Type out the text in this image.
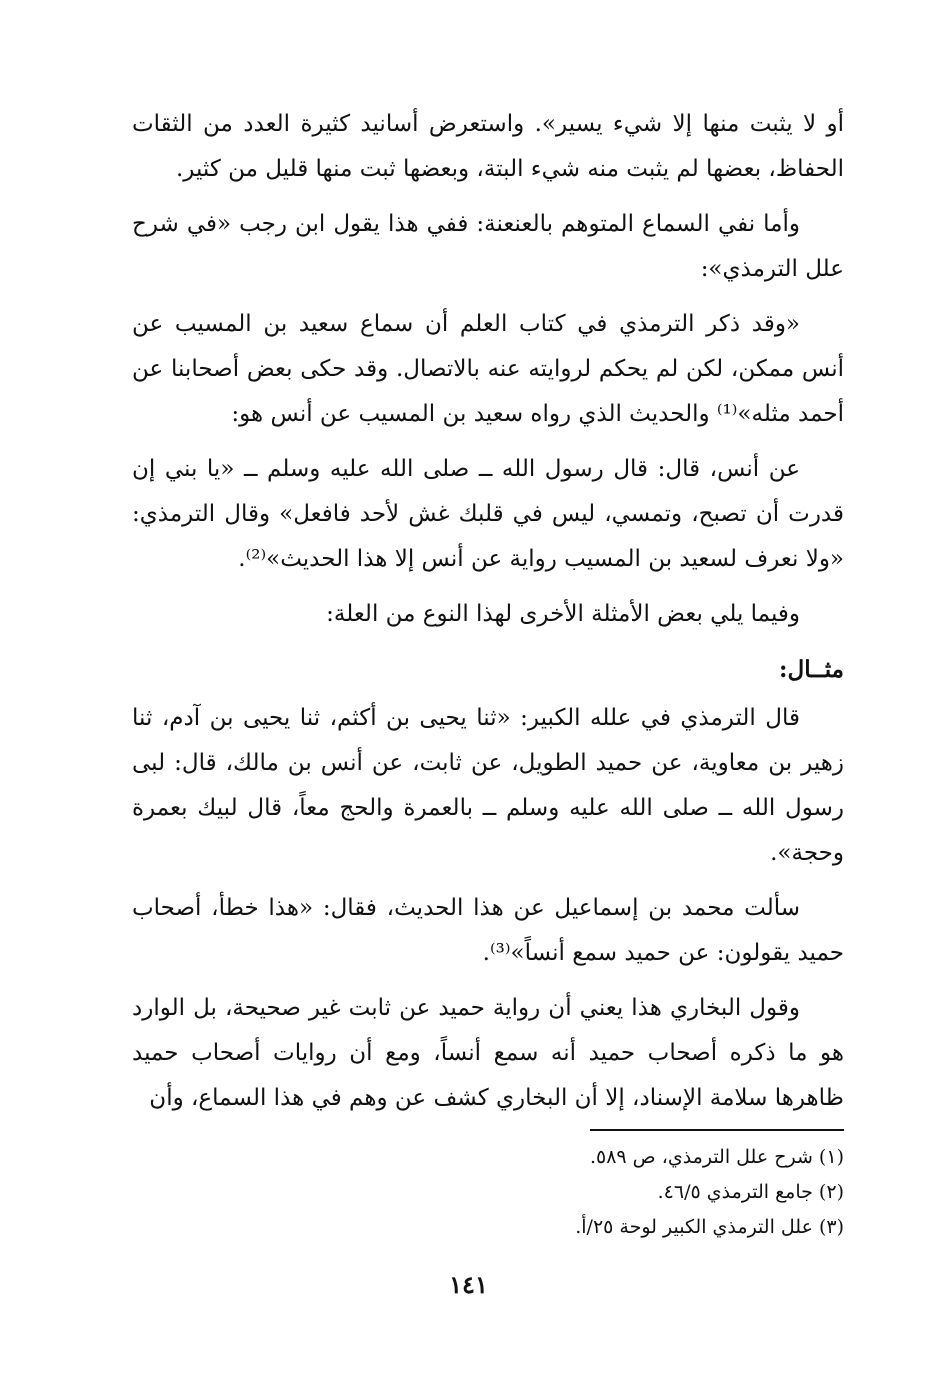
أو لا يثبت منها إلا شيء يسير». واستعرض أسانيد كثيرة العدد من الثقات الحفاظ، بعضها لم يثبت منه شيء البتة، وبعضها ثبت منها قليل من كثير.

وأما نفي السماع المتوهم بالعنعنة: ففي هذا يقول ابن رجب «في شرح علل الترمذي»:

«وقد ذكر الترمذي في كتاب العلم أن سماع سعيد بن المسيب عن أنس ممكن، لكن لم يحكم لروايته عنه بالاتصال. وقد حكى بعض أصحابنا عن أحمد مثله»⁽¹⁾ والحديث الذي رواه سعيد بن المسيب عن أنس هو:

عن أنس، قال: قال رسول الله ــ صلى الله عليه وسلم ــ «يا بني إن قدرت أن تصبح، وتمسي، ليس في قلبك غش لأحد فافعل» وقال الترمذي: «ولا نعرف لسعيد بن المسيب رواية عن أنس إلا هذا الحديث»⁽²⁾.

وفيما يلي بعض الأمثلة الأخرى لهذا النوع من العلة:

مثــال:

قال الترمذي في علله الكبير: «ثنا يحيى بن أكثم، ثنا يحيى بن آدم، ثنا زهير بن معاوية، عن حميد الطويل، عن ثابت، عن أنس بن مالك، قال: لبى رسول الله ــ صلى الله عليه وسلم ــ بالعمرة والحج معاً، قال لبيك بعمرة وحجة».

سألت محمد بن إسماعيل عن هذا الحديث، فقال: «هذا خطأ، أصحاب حميد يقولون: عن حميد سمع أنساً»⁽³⁾.

وقول البخاري هذا يعني أن رواية حميد عن ثابت غير صحيحة، بل الوارد هو ما ذكره أصحاب حميد أنه سمع أنساً، ومع أن روايات أصحاب حميد ظاهرها سلامة الإسناد، إلا أن البخاري كشف عن وهم في هذا السماع، وأن

(١) شرح علل الترمذي، ص ٥٨٩.

(٢) جامع الترمذي ٤٦/٥.

(٣) علل الترمذي الكبير لوحة ٢٥/أ.

١٤١
